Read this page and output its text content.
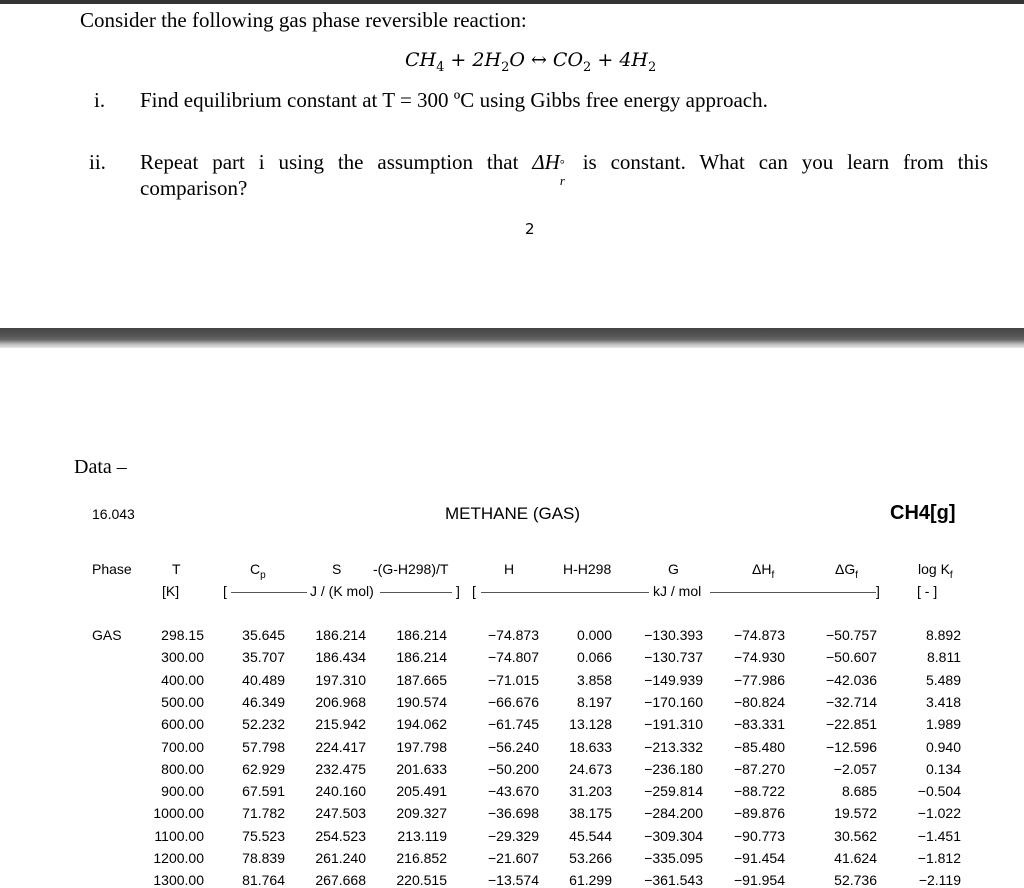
Consider the following gas phase reversible reaction:
$CH_4 + 2H_2O$ ↔ $CO_2 + 4H_2$
i. Find equilibrium constant at T = 300 ºC using Gibbs free energy approach.
ii. Repeat part i using the assumption that ΔH °
r
is constant. What can you learn from this
comparison?
2
Data –
16.043	METHANE (GAS)	CH4[g]
Phase	T	$C_p$	S -(G-H298)/T	H	H-H298	G	$\Delta H_f$	$\Delta G_f$	$\log K_f$
[K]	[	J / (K mol)	] [	kJ / mol	]	[ - ]
GAS	298.15	35.645 186.214 186.214	−74.873	0.000 −130.393 −74.873	−50.757	8.892
300.00	35.707 186.434 186.214	−74.807	0.066 −130.737 −74.930	−50.607	8.811
400.00	40.489 197.310 187.665	−71.015	3.858 −149.939 −77.986	−42.036	5.489
500.00	46.349 206.968 190.574	−66.676	8.197 −170.160 −80.824	−32.714	3.418
600.00	52.232 215.942 194.062	−61.745 13.128 −191.310 −83.331	−22.851	1.989
700.00	57.798 224.417 197.798	−56.240 18.633 −213.332 −85.480	−12.596	0.940
800.00	62.929 232.475 201.633	−50.200 24.673 −236.180 −87.270	−2.057	0.134
900.00	67.591 240.160 205.491	−43.670 31.203 −259.814 −88.722	8.685	−0.504
1000.00	71.782 247.503 209.327	−36.698 38.175 −284.200 −89.876	19.572	−1.022
1100.00	75.523 254.523 213.119	−29.329 45.544 −309.304 −90.773	30.562	−1.451
1200.00	78.839 261.240 216.852	−21.607 53.266 −335.095 −91.454	41.624	−1.812
1300.00	81.764 267.668 220.515	−13.574 61.299 −361.543 −91.954	52.736	−2.119
